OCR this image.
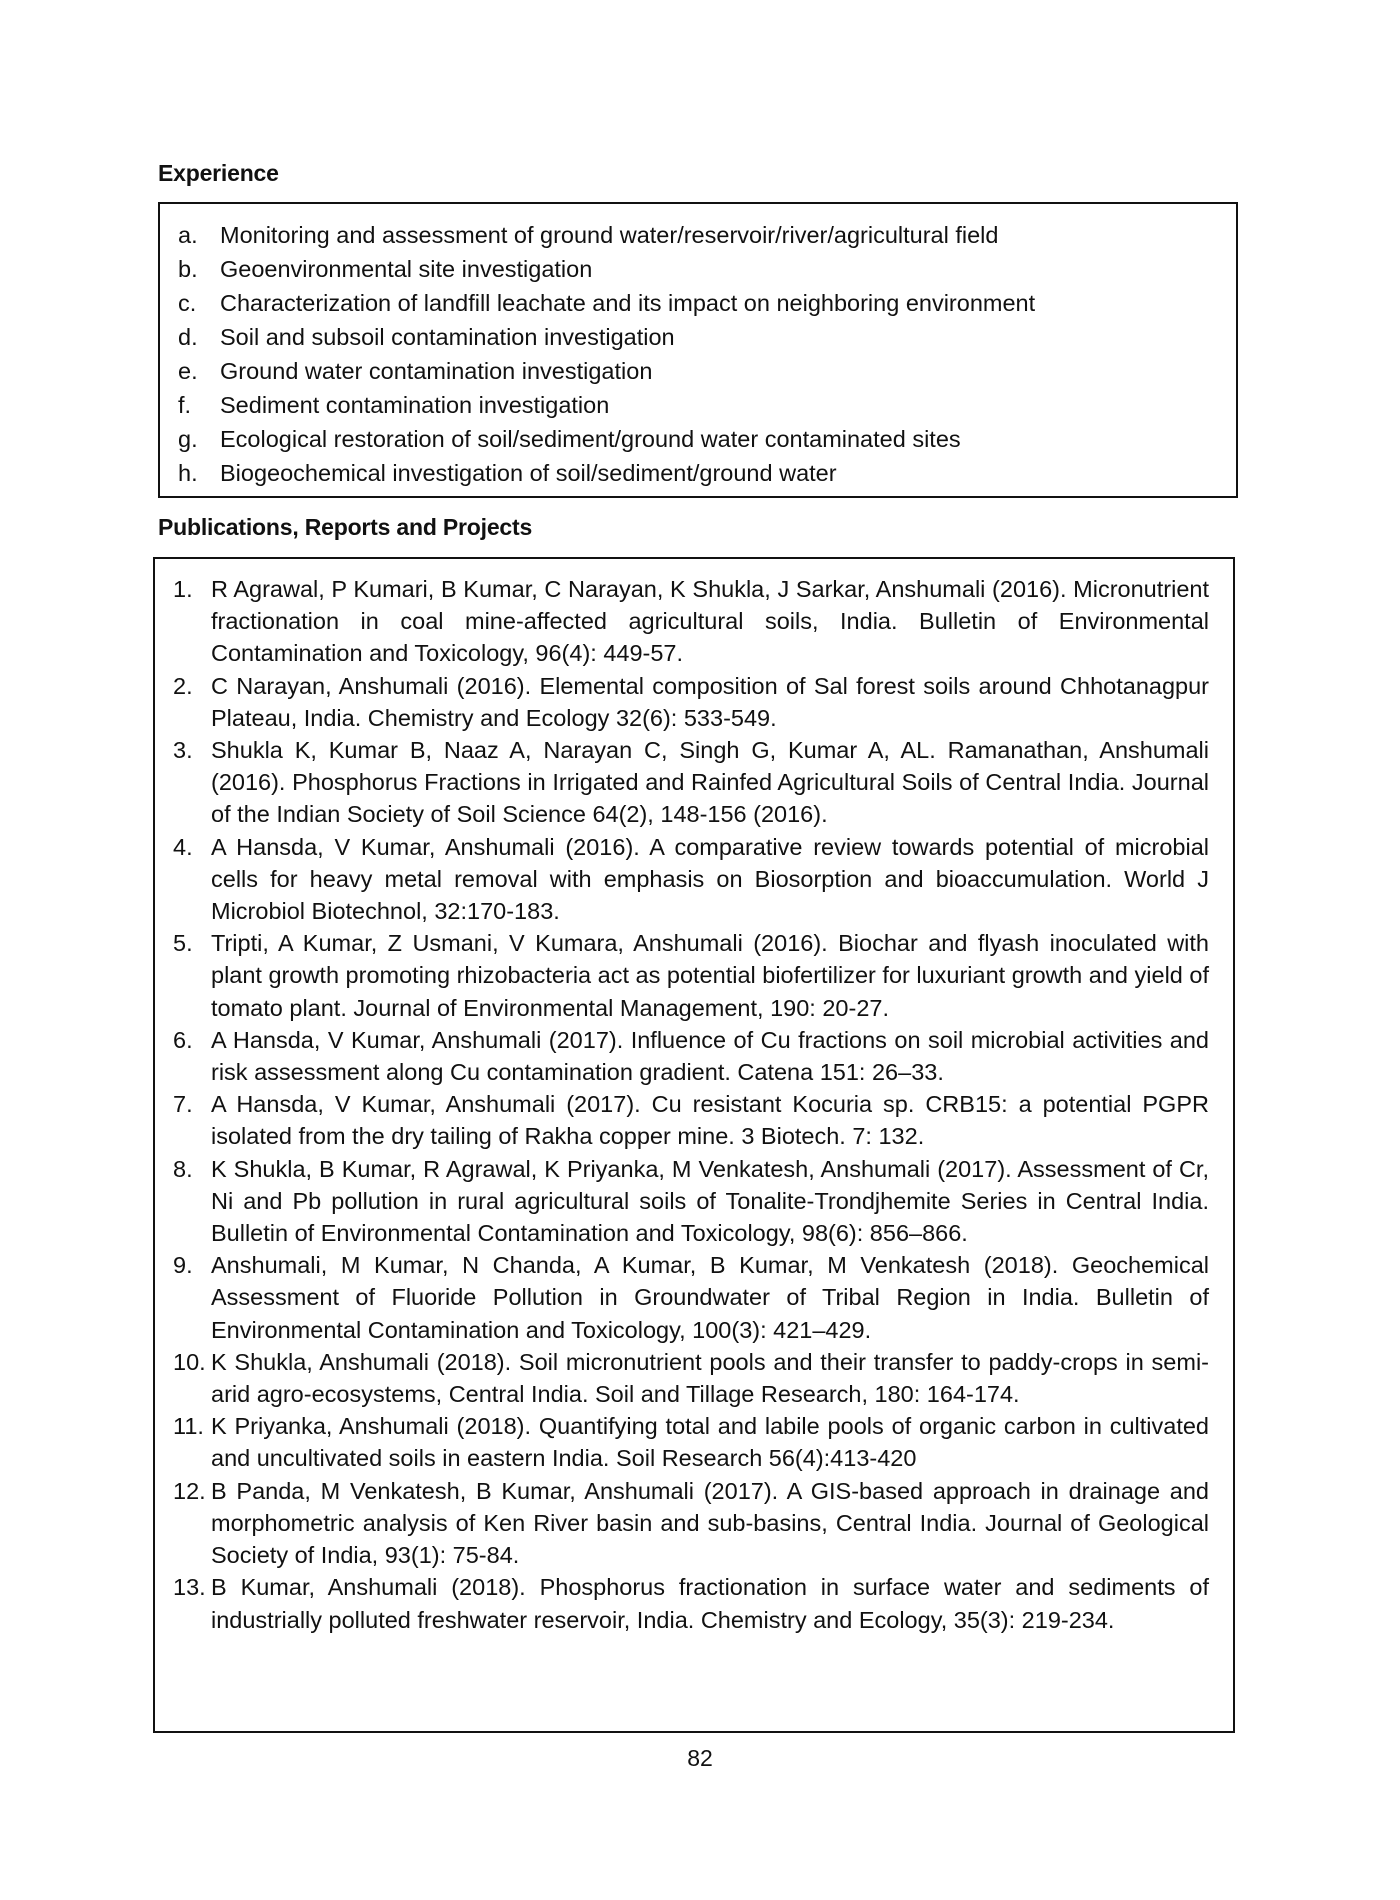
Experience
a. Monitoring and assessment of ground water/reservoir/river/agricultural field
b. Geoenvironmental site investigation
c.	Characterization of landfill leachate and its impact on neighboring environment
d. Soil and subsoil contamination investigation
e. Ground water contamination investigation
f.	Sediment contamination investigation
g. Ecological restoration of soil/sediment/ground water contaminated sites
h. Biogeochemical investigation of soil/sediment/ground water
Publications, Reports and Projects
1. R Agrawal, P Kumari, B Kumar, C Narayan, K Shukla, J Sarkar, Anshumali (2016). Micronutrient fractionation in coal mine-affected agricultural soils, India. Bulletin of Environmental Contamination and Toxicology, 96(4): 449-57.
2. C Narayan, Anshumali (2016). Elemental composition of Sal forest soils around Chhotanagpur Plateau, India. Chemistry and Ecology 32(6): 533-549.
3. Shukla K, Kumar B, Naaz A, Narayan C, Singh G, Kumar A, AL. Ramanathan, Anshumali (2016). Phosphorus Fractions in Irrigated and Rainfed Agricultural Soils of Central India. Journal of the Indian Society of Soil Science 64(2), 148-156 (2016).
4. A Hansda, V Kumar, Anshumali (2016). A comparative review towards potential of microbial cells for heavy metal removal with emphasis on Biosorption and bioaccumulation. World J Microbiol Biotechnol, 32:170-183.
5. Tripti, A Kumar, Z Usmani, V Kumara, Anshumali (2016). Biochar and flyash inoculated with plant growth promoting rhizobacteria act as potential biofertilizer for luxuriant growth and yield of tomato plant. Journal of Environmental Management, 190: 20-27.
6. A Hansda, V Kumar, Anshumali (2017). Influence of Cu fractions on soil microbial activities and risk assessment along Cu contamination gradient. Catena 151: 26–33.
7. A Hansda, V Kumar, Anshumali (2017). Cu resistant Kocuria sp. CRB15: a potential PGPR isolated from the dry tailing of Rakha copper mine. 3 Biotech. 7: 132.
8. K Shukla, B Kumar, R Agrawal, K Priyanka, M Venkatesh, Anshumali (2017). Assessment of Cr, Ni and Pb pollution in rural agricultural soils of Tonalite-Trondjhemite Series in Central India. Bulletin of Environmental Contamination and Toxicology, 98(6): 856–866.
9. Anshumali, M Kumar, N Chanda, A Kumar, B Kumar, M Venkatesh (2018). Geochemical Assessment of Fluoride Pollution in Groundwater of Tribal Region in India. Bulletin of Environmental Contamination and Toxicology, 100(3): 421–429.
10. K Shukla, Anshumali (2018). Soil micronutrient pools and their transfer to paddy-crops in semi-arid agro-ecosystems, Central India. Soil and Tillage Research, 180: 164-174.
11. K Priyanka, Anshumali (2018). Quantifying total and labile pools of organic carbon in cultivated and uncultivated soils in eastern India. Soil Research 56(4):413-420
12. B Panda, M Venkatesh, B Kumar, Anshumali (2017). A GIS-based approach in drainage and morphometric analysis of Ken River basin and sub-basins, Central India. Journal of Geological Society of India, 93(1): 75-84.
13. B Kumar, Anshumali (2018). Phosphorus fractionation in surface water and sediments of industrially polluted freshwater reservoir, India. Chemistry and Ecology, 35(3): 219-234.
82
